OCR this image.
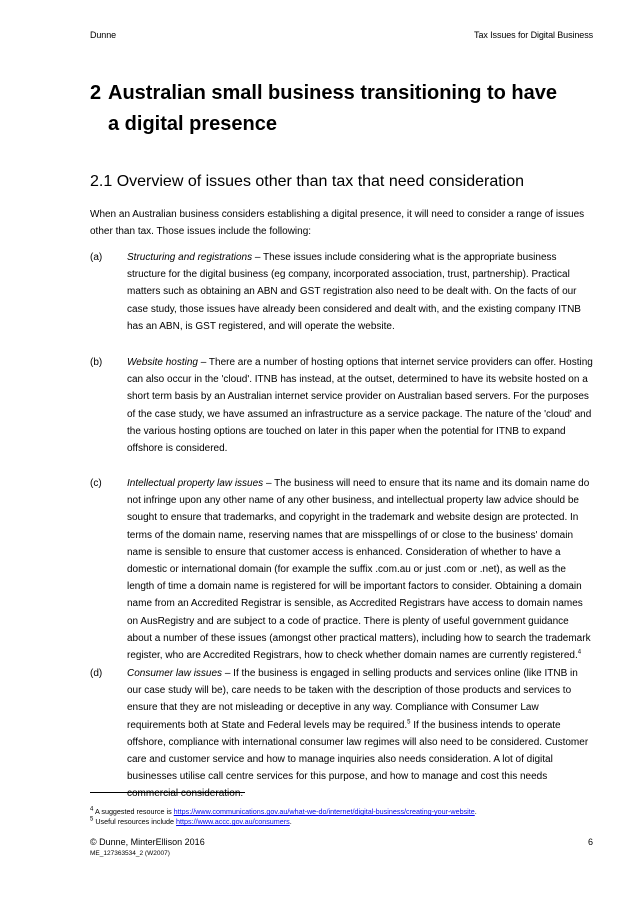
Dunne	Tax Issues for Digital Business
2 Australian small business transitioning to have
a digital presence
2.1 Overview of issues other than tax that need consideration
When an Australian business considers establishing a digital presence, it will need to consider a range of issues other than tax. Those issues include the following:
(a)	Structuring and registrations – These issues include considering what is the appropriate business structure for the digital business (eg company, incorporated association, trust, partnership). Practical matters such as obtaining an ABN and GST registration also need to be dealt with. On the facts of our case study, those issues have already been considered and dealt with, and the existing company ITNB has an ABN, is GST registered, and will operate the website.
(b)	Website hosting – There are a number of hosting options that internet service providers can offer. Hosting can also occur in the 'cloud'. ITNB has instead, at the outset, determined to have its website hosted on a short term basis by an Australian internet service provider on Australian based servers. For the purposes of the case study, we have assumed an infrastructure as a service package. The nature of the 'cloud' and the various hosting options are touched on later in this paper when the potential for ITNB to expand offshore is considered.
(c)	Intellectual property law issues – The business will need to ensure that its name and its domain name do not infringe upon any other name of any other business, and intellectual property law advice should be sought to ensure that trademarks, and copyright in the trademark and website design are protected. In terms of the domain name, reserving names that are misspellings of or close to the business' domain name is sensible to ensure that customer access is enhanced. Consideration of whether to have a domestic or international domain (for example the suffix .com.au or just .com or .net), as well as the length of time a domain name is registered for will be important factors to consider. Obtaining a domain name from an Accredited Registrar is sensible, as Accredited Registrars have access to domain names on AusRegistry and are subject to a code of practice. There is plenty of useful government guidance about a number of these issues (amongst other practical matters), including how to search the trademark register, who are Accredited Registrars, how to check whether domain names are currently registered.$^4$
(d)	Consumer law issues – If the business is engaged in selling products and services online (like ITNB in our case study will be), care needs to be taken with the description of those products and services to ensure that they are not misleading or deceptive in any way. Compliance with Consumer Law requirements both at State and Federal levels may be required.$^5$ If the business intends to operate offshore, compliance with international consumer law regimes will also need to be considered. Customer care and customer service and how to manage inquiries also needs consideration. A lot of digital businesses utilise call centre services for this purpose, and how to manage and cost this needs commercial consideration.
$^4$ A suggested resource is https://www.communications.gov.au/what-we-do/internet/digital-business/creating-your-website.
$^5$ Useful resources include https://www.accc.gov.au/consumers.
© Dunne, MinterEllison 2016	6
ME_127363534_2 (W2007)
